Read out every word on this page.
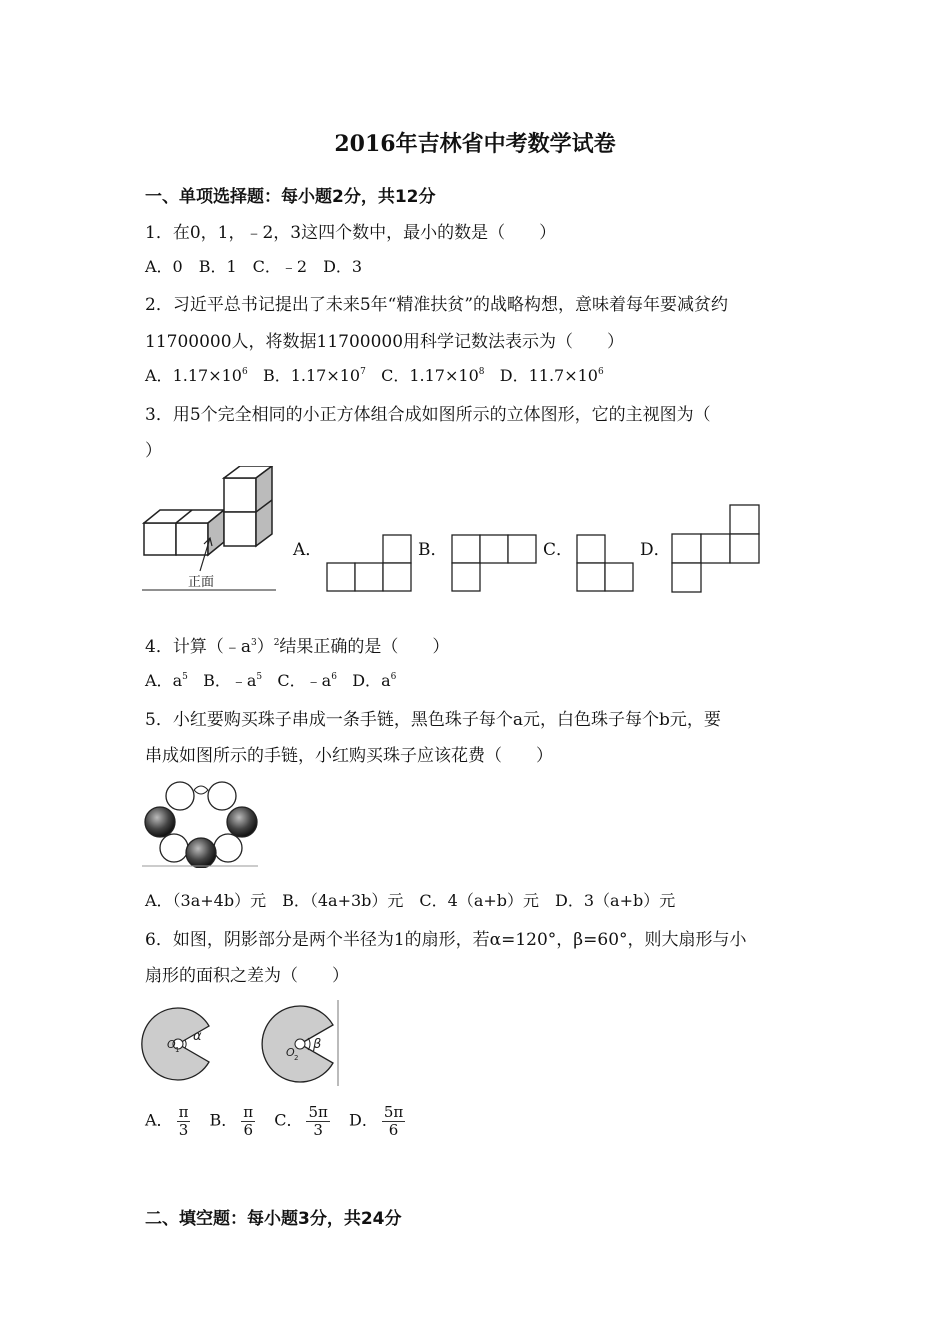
2016年吉林省中考数学试卷
一、单项选择题：每小题2分，共12分
1．在0，1，﹣2，3这四个数中，最小的数是（　　）
A．0　B．1　C．﹣2　D．3
2．习近平总书记提出了未来5年“精准扶贫”的战略构想，意味着每年要减贫约
11700000人，将数据11700000用科学记数法表示为（　　）
A．$1.17\times 10^6$ B．$1.17\times 10^7$ C．$1.17\times 10^8$ D．$11.7\times 10^6$
3．用5个完全相同的小正方体组合成如图所示的立体图形，它的主视图为（
）
正面
A．	B．	C．	D．
4．计算$(﹣a^3)^2$结果正确的是（　　）
A．$a^5$ B．$﹣a^5$ C．$﹣a^6$ D．$a^6$
5．小红要购买珠子串成一条手链，黑色珠子每个a元，白色珠子每个b元，要
串成如图所示的手链，小红购买珠子应该花费（　　）
A．（3a+4b）元　B．（4a+3b）元　C．4（a+b）元　D．3（a+b）元
6．如图，阴影部分是两个半径为1的扇形，若α=120°，β=60°，则大扇形与小
扇形的面积之差为（　　）
O 1
α
O 2
β
A． $\frac{\pi}{3}$ B． $\frac{\pi}{6}$ C． $\frac{5\pi}{3}$ D． $\frac{5\pi}{6}$
二、填空题：每小题3分，共24分
